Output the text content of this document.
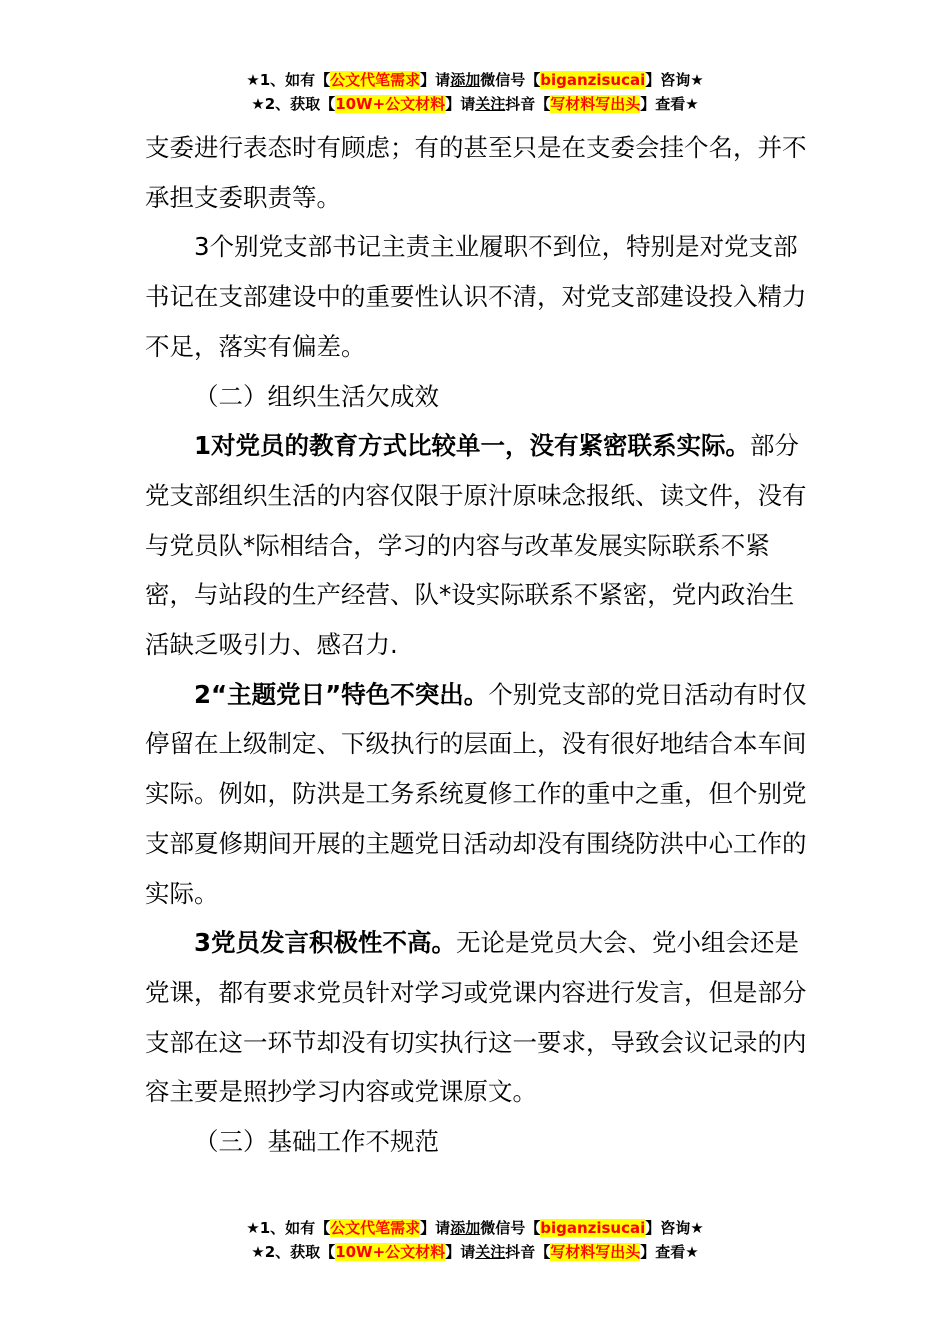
★1、如有【公文代笔需求】请添加微信号【biganzisucai】咨询★
★2、获取【10W+公文材料】请关注抖音【写材料写出头】查看★

支委进行表态时有顾虑；有的甚至只是在支委会挂个名，并不承担支委职责等。

3个别党支部书记主责主业履职不到位，特别是对党支部书记在支部建设中的重要性认识不清，对党支部建设投入精力不足，落实有偏差。

（二）组织生活欠成效

1对党员的教育方式比较单一，没有紧密联系实际。部分党支部组织生活的内容仅限于原汁原味念报纸、读文件，没有与党员队*际相结合，学习的内容与改革发展实际联系不紧密，与站段的生产经营、队*设实际联系不紧密，党内政治生活缺乏吸引力、感召力.

2“主题党日”特色不突出。个别党支部的党日活动有时仅停留在上级制定、下级执行的层面上，没有很好地结合本车间实际。例如，防洪是工务系统夏修工作的重中之重，但个别党支部夏修期间开展的主题党日活动却没有围绕防洪中心工作的实际。

3党员发言积极性不高。无论是党员大会、党小组会还是党课，都有要求党员针对学习或党课内容进行发言，但是部分支部在这一环节却没有切实执行这一要求，导致会议记录的内容主要是照抄学习内容或党课原文。

（三）基础工作不规范

★1、如有【公文代笔需求】请添加微信号【biganzisucai】咨询★
★2、获取【10W+公文材料】请关注抖音【写材料写出头】查看★
